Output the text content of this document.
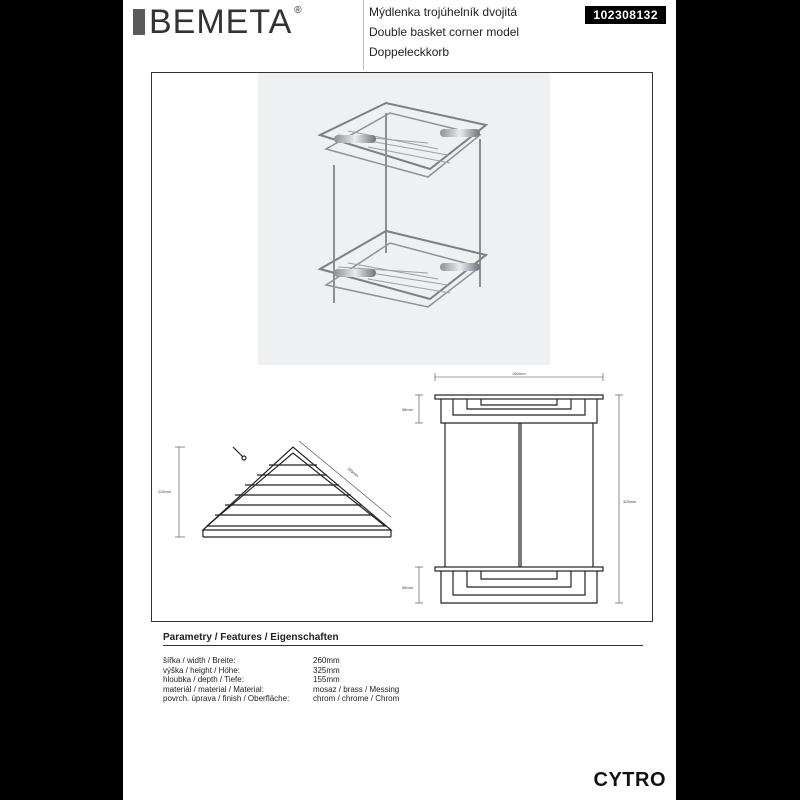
BEMETA ®	Mýdlenka trojúhelník dvojitá
Double basket corner model
Doppeleckkorb
102308132
115mm
185mm
260mm
55mm
55mm
325mm
Parametry / Features / Eigenschaften
šířka / width / Breite:	260mm
výška / height / Höhe:	325mm
hloubka / depth / Tiefe:	155mm
materiál / material / Material:	mosaz / brass / Messing
povrch. úprava / finish / Oberfläche:	chrom / chrome / Chrom
CYTRO
